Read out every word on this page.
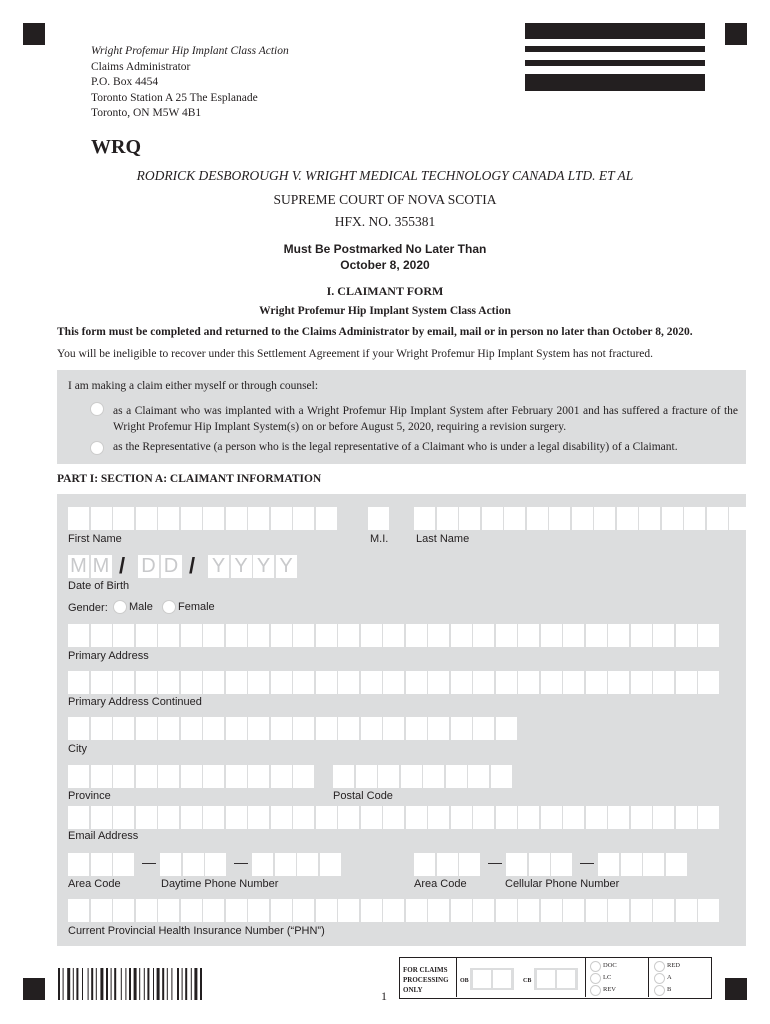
Wright Profemur Hip Implant Class Action
Claims Administrator
P.O. Box 4454
Toronto Station A 25 The Esplanade
Toronto, ON M5W 4B1
WRQ
RODRICK DESBOROUGH V. WRIGHT MEDICAL TECHNOLOGY CANADA LTD. ET AL
SUPREME COURT OF NOVA SCOTIA
HFX. NO. 355381
Must Be Postmarked No Later Than
October 8, 2020
I. CLAIMANT FORM
Wright Profemur Hip Implant System Class Action
This form must be completed and returned to the Claims Administrator by email, mail or in person no later than October 8, 2020.
You will be ineligible to recover under this Settlement Agreement if your Wright Profemur Hip Implant System has not fractured.
I am making a claim either myself or through counsel:
as a Claimant who was implanted with a Wright Profemur Hip Implant System after February 2001 and has suffered a fracture of the Wright Profemur Hip Implant System(s) on or before August 5, 2020, requiring a revision surgery.
as the Representative (a person who is the legal representative of a Claimant who is under a legal disability) of a Claimant.
PART I: SECTION A: CLAIMANT INFORMATION
First Name	M.I.	Last Name
M M / D D / Y Y Y Y
Date of Birth
Gender: Male Female
Primary Address
Primary Address Continued
City
Province	Postal Code
Email Address
—	—	—	—
Area Code	Daytime Phone Number	Area Code	Cellular Phone Number
Current Provincial Health Insurance Number (“PHN”)
FOR CLAIMS PROCESSING ONLY
OB	CB
DOC
LC
REV
RED
A
B
1
